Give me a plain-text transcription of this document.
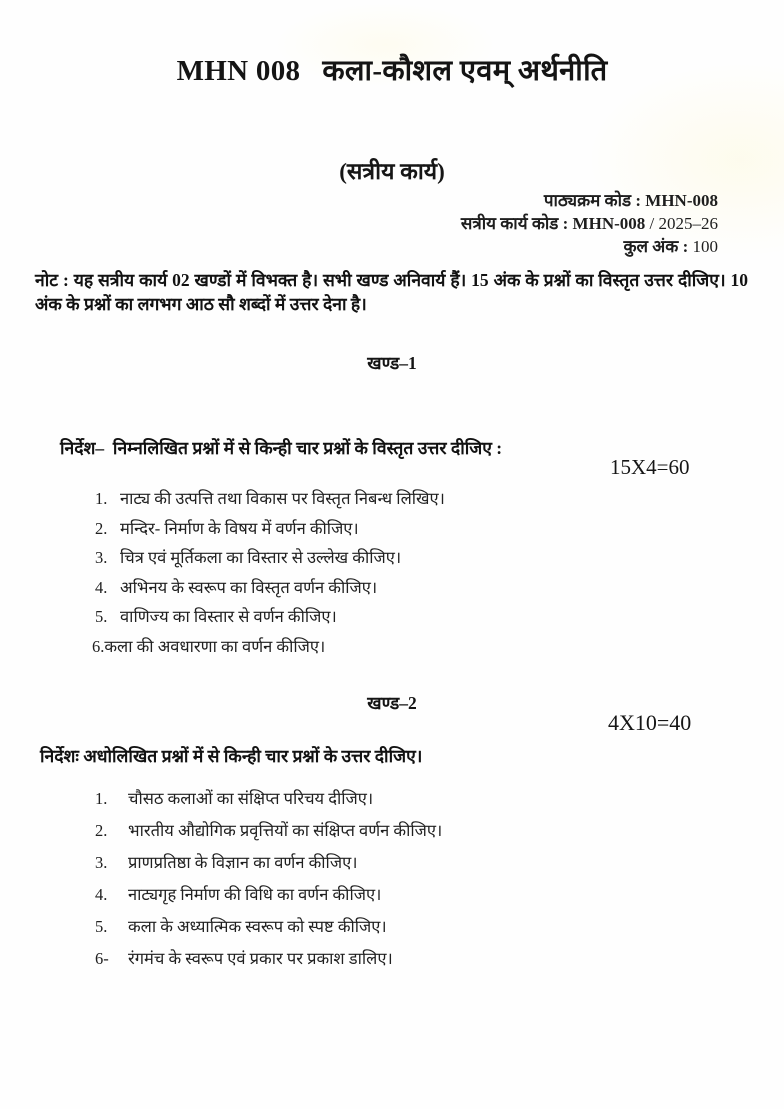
MHN 008 कला-कौशल एवम् अर्थनीति
(सत्रीय कार्य)
पाठ्यक्रम कोड : MHN-008
सत्रीय कार्य कोड : MHN-008 / 2025–26
कुल अंक : 100
नोट : यह सत्रीय कार्य 02 खण्डों में विभक्त है। सभी खण्ड अनिवार्य हैं। 15 अंक के प्रश्नों का विस्तृत उत्तर दीजिए। 10 अंक के प्रश्नों का लगभग आठ सौ शब्दों में उत्तर देना है।
खण्ड–1
निर्देश–  निम्नलिखित प्रश्नों में से किन्ही चार प्रश्नों के विस्तृत उत्तर दीजिए :
15X4=60
1. नाट्य की उत्पत्ति तथा विकास पर विस्तृत निबन्ध लिखिए।
2. मन्दिर- निर्माण के विषय में वर्णन कीजिए।
3. चित्र एवं मूर्तिकला का विस्तार से उल्लेख कीजिए।
4. अभिनय के स्वरूप का विस्तृत वर्णन कीजिए।
5. वाणिज्य का विस्तार से वर्णन कीजिए।
6. कला की अवधारणा का वर्णन कीजिए।
खण्ड–2
4X10=40
निर्देशः अधोलिखित प्रश्नों में से किन्ही चार प्रश्नों के उत्तर दीजिए।
1.	चौसठ कलाओं का संक्षिप्त परिचय दीजिए।
2.	भारतीय औद्योगिक प्रवृत्तियों का संक्षिप्त वर्णन कीजिए।
3.	प्राणप्रतिष्ठा के विज्ञान का वर्णन कीजिए।
4.	नाट्यगृह निर्माण की विधि का वर्णन कीजिए।
5.	कला के अध्यात्मिक स्वरूप को स्पष्ट कीजिए।
6-	रंगमंच के स्वरूप एवं प्रकार पर प्रकाश डालिए।
